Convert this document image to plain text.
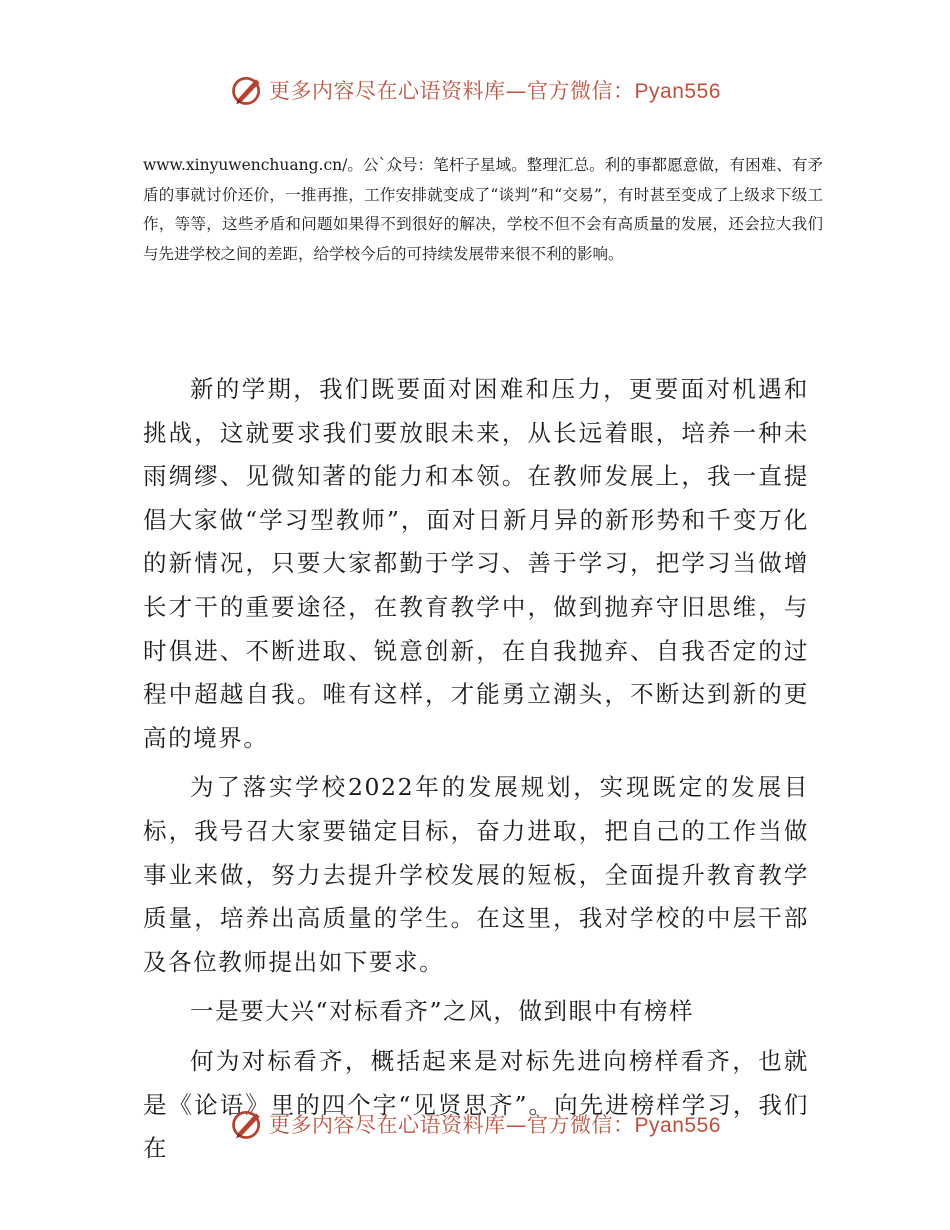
更多内容尽在心语资料库—官方微信：Pyan556

www.xinyuwenchuang.cn/。公`众号：笔杆子星域。整理汇总。利的事都愿意做，有困难、有矛盾的事就讨价还价，一推再推，工作安排就变成了“谈判”和“交易”，有时甚至变成了上级求下级工作，等等，这些矛盾和问题如果得不到很好的解决，学校不但不会有高质量的发展，还会拉大我们与先进学校之间的差距，给学校今后的可持续发展带来很不利的影响。

新的学期，我们既要面对困难和压力，更要面对机遇和挑战，这就要求我们要放眼未来，从长远着眼，培养一种未雨绸缪、见微知著的能力和本领。在教师发展上，我一直提倡大家做“学习型教师”，面对日新月异的新形势和千变万化的新情况，只要大家都勤于学习、善于学习，把学习当做增长才干的重要途径，在教育教学中，做到抛弃守旧思维，与时俱进、不断进取、锐意创新，在自我抛弃、自我否定的过程中超越自我。唯有这样，才能勇立潮头，不断达到新的更高的境界。

为了落实学校2022年的发展规划，实现既定的发展目标，我号召大家要锚定目标，奋力进取，把自己的工作当做事业来做，努力去提升学校发展的短板，全面提升教育教学质量，培养出高质量的学生。在这里，我对学校的中层干部及各位教师提出如下要求。

一是要大兴“对标看齐”之风，做到眼中有榜样

何为对标看齐，概括起来是对标先进向榜样看齐，也就是《论语》里的四个字“见贤思齐”。向先进榜样学习，我们在

更多内容尽在心语资料库—官方微信：Pyan556
